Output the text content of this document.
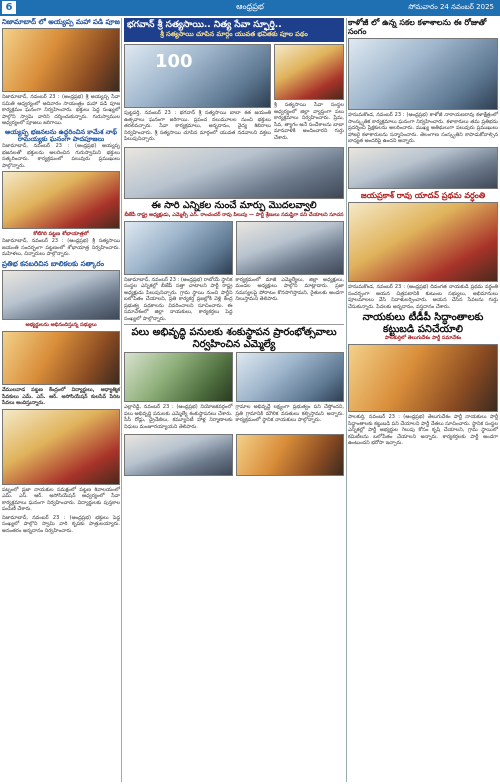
6	ఆంధ్రప్రభ	సోమవారం 24 నవంబర్ 2025
నిజామాబాద్ లో అయ్యప్ప మహా పడి పూజ

నిజామాబాద్, నవంబర్ 23 : (ఆంధ్రప్రభ) శ్రీ అయ్యప్ప సేవా సమితి ఆధ్వర్యంలో ఆదివారం సాయంత్రం మహా పడి పూజ కార్యక్రమం ఘనంగా నిర్వహించారు. భక్తులు పెద్ద సంఖ్యలో పాల్గొని స్వామి వారిని దర్శించుకున్నారు. గురుస్వాముల ఆధ్వర్యంలో పూజలు జరిగాయి.

అయ్యప్ప భజనలను ఉద్ధరించిన కామేశ నాథ్ రామయ్యకు ఘనంగా పాదపూజలు

నిజామాబాద్, నవంబర్ 23 : (ఆంధ్రప్రభ) అయ్యప్ప భజనలతో భక్తులను అలరించిన గురుస్వామిని భక్తులు సత్కరించారు. కార్యక్రమంలో పలువురు ప్రముఖులు పాల్గొన్నారు.

కోటిగిరి పట్టణ శోభాయాత్రలో

నిజామాబాద్, నవంబర్ 23 : (ఆంధ్రప్రభ) శ్రీ సత్యసాయి జయంతి సందర్భంగా పట్టణంలో శోభాయాత్ర నిర్వహించారు. మహిళలు, చిన్నారులు పాల్గొన్నారు.

ప్రతిభ కనబరిచిన బాలికలకు సత్కారం
అభ్యర్థులను అభినందిస్తున్న సభ్యులు

వేములవాడ పట్టణ కేంద్రంలో విద్యార్థులు, ఆధ్యాత్మిక సేవకులు ఎమ్. ఎస్. ఆర్. అసోసియేషన్ కులసేవ్ పేరిట సేవలు అందిస్తున్నారు.

పట్నంలో ప్రజా నాయకుల సమక్షంలో పట్టణ శివాలయంలో ఎమ్. ఎస్. ఆర్. అసోసియేషన్ ఆధ్వర్యంలో సేవా కార్యక్రమాలు ఘనంగా నిర్వహించారు. విద్యార్థులకు పుస్తకాల పంపిణీ చేశారు.

నిజామాబాద్, నవంబర్ 23 : (ఆంధ్రప్రభ) భక్తులు పెద్ద సంఖ్యలో పాల్గొని స్వామి వారి కృపకు పాత్రులయ్యారు. అనంతరం అన్నదానం నిర్వహించారు.

భగవాన్ శ్రీ సత్యసాయి.. నిత్య సేవా స్ఫూర్తి..
శ్రీ సత్యసాయి చూపిన మార్గం యువత భవితకు పూల పథం
100

పుట్టపర్తి, నవంబర్ 23 : భగవాన్ శ్రీ సత్యసాయి బాబా శత జయంతి ఉత్సవాలు ఘనంగా జరిగాయి. ప్రపంచ నలుమూలల నుంచి భక్తులు తరలివచ్చారు. సేవా కార్యక్రమాలు, అన్నదానం, వైద్య శిబిరాలు నిర్వహించారు. శ్రీ సత్యసాయి చూపిన మార్గంలో యువత నడవాలని వక్తలు పిలుపునిచ్చారు.

శ్రీ సత్యసాయి సేవా సంస్థల ఆధ్వర్యంలో జిల్లా వ్యాప్తంగా పలు కార్యక్రమాలు నిర్వహించారు. ప్రేమ, సేవ, త్యాగం అనే సందేశాలను బాబా మానవాళికి అందించారని గుర్తు చేశారు.

ఈ సారి ఎన్నికల నుంచే మార్పు మొదలవ్వాలి
బీజేపీ రాష్ట్ర అధ్యక్షుడు, ఎమ్మెల్సీ ఎన్. రాంచందర్ రావు పిలుపు — పార్టీ శ్రేణులు సమష్టిగా పని చేయాలని సూచన

నిజామాబాద్, నవంబర్ 23 : (ఆంధ్రప్రభ) రాబోయే స్థానిక సంస్థల ఎన్నికల్లో బీజేపీ సత్తా చాటాలని పార్టీ రాష్ట్ర అధ్యక్షుడు పిలుపునిచ్చారు. గ్రామ స్థాయి నుంచి పార్టీని బలోపేతం చేయాలని, ప్రతి కార్యకర్త ప్రజల్లోకి వెళ్లి కేంద్ర ప్రభుత్వ పథకాలను వివరించాలని సూచించారు. ఈ సమావేశంలో జిల్లా నాయకులు, కార్యకర్తలు పెద్ద సంఖ్యలో పాల్గొన్నారు.

కార్యక్రమంలో మాజీ ఎమ్మెల్యేలు, జిల్లా అధ్యక్షులు, మండల అధ్యక్షులు పాల్గొని మాట్లాడారు. ప్రజా సమస్యలపై పోరాటం కొనసాగిస్తామని, రైతులకు అండగా నిలుస్తామని తెలిపారు.

పలు అభివృద్ధి పనులకు శంకుస్థాపన ప్రారంభోత్సవాలు నిర్వహించిన ఎమ్మెల్యే

ఎల్లారెడ్డి, నవంబర్ 23 : (ఆంధ్రప్రభ) నియోజకవర్గంలో పలు అభివృద్ధి పనులకు ఎమ్మెల్యే శంకుస్థాపనలు చేశారు. సీసీ రోడ్లు, డ్రైనేజీలు, కమ్యూనిటీ హాళ్ల నిర్మాణాలకు నిధులు మంజూరయ్యాయని తెలిపారు.

గ్రామాల అభివృద్ధే లక్ష్యంగా ప్రభుత్వం పని చేస్తోందని, ప్రతి గ్రామానికి మౌలిక వసతులు కల్పిస్తామని అన్నారు. కార్యక్రమంలో స్థానిక నాయకులు పాల్గొన్నారు.

కాళోజీ లో ఉన్న సకల కళాశాలను ఈ రోజుతో సంగం

హనుమకొండ, నవంబర్ 23 : (ఆంధ్రప్రభ) కాళోజీ నారాయణరావు కళాక్షేత్రంలో సాంస్కృతిక కార్యక్రమాలు ఘనంగా నిర్వహించారు. కళాకారులు తమ ప్రతిభను ప్రదర్శించి ప్రేక్షకులను అలరించారు. ముఖ్య అతిథులుగా పలువురు ప్రముఖులు హాజరై కళాకారులను సన్మానించారు. తెలంగాణ సంస్కృతిని కాపాడుకోవాల్సిన బాధ్యత అందరిపై ఉందని అన్నారు.

జయప్రకాశ్ రావు యాదవ్ ప్రథమ వర్ధంతి

హనుమకొండ, నవంబర్ 23 : (ఆంధ్రప్రభ) దివంగత నాయకుడి ప్రథమ వర్ధంతి సందర్భంగా ఆయన చిత్రపటానికి కుటుంబ సభ్యులు, అభిమానులు పూలమాలలు వేసి నివాళులర్పించారు. ఆయన చేసిన సేవలను గుర్తు చేసుకున్నారు. పేదలకు అన్నదానం, వస్త్రదానం చేశారు.

నాయకులు టీడీపీ సిద్ధాంతాలకు కట్టుబడి పనిచేయాలి
పాలకుర్తిలో తెలుగుదేశం పార్టీ సమావేశం

పాలకుర్తి, నవంబర్ 23 : (ఆంధ్రప్రభ) తెలుగుదేశం పార్టీ నాయకులు పార్టీ సిద్ధాంతాలకు కట్టుబడి పని చేయాలని పార్టీ నేతలు సూచించారు. స్థానిక సంస్థల ఎన్నికల్లో పార్టీ అభ్యర్థుల గెలుపు కోసం కృషి చేయాలని, గ్రామ స్థాయిలో కమిటీలను బలోపేతం చేయాలని అన్నారు. కార్యకర్తలకు పార్టీ అండగా ఉంటుందని భరోసా ఇచ్చారు.
